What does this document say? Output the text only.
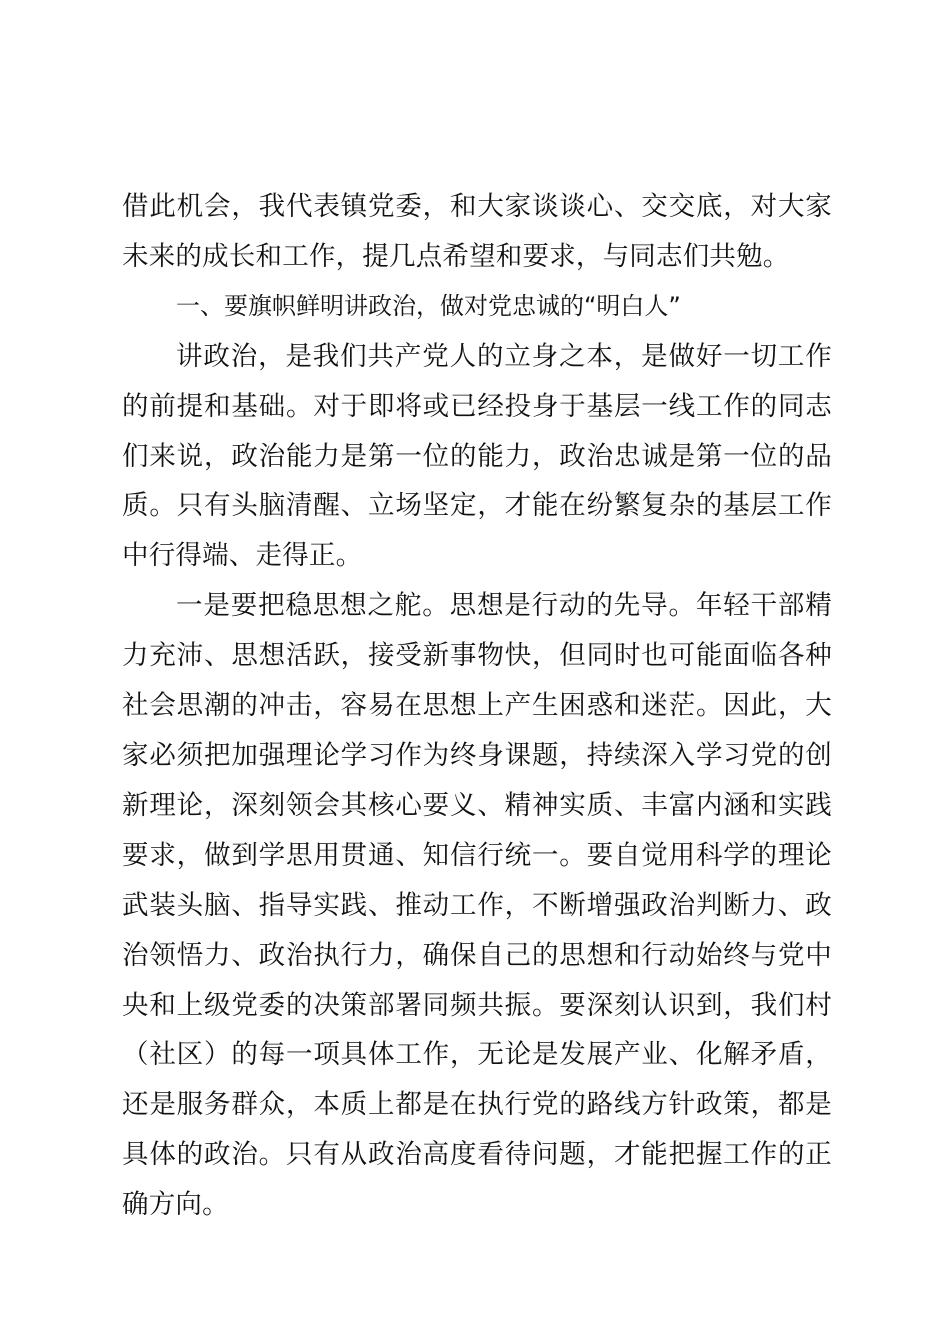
借此机会，我代表镇党委，和大家谈谈心、交交底，对大家未来的成长和工作，提几点希望和要求，与同志们共勉。

一、要旗帜鲜明讲政治，做对党忠诚的“明白人”

讲政治，是我们共产党人的立身之本，是做好一切工作的前提和基础。对于即将或已经投身于基层一线工作的同志们来说，政治能力是第一位的能力，政治忠诚是第一位的品质。只有头脑清醒、立场坚定，才能在纷繁复杂的基层工作中行得端、走得正。

一是要把稳思想之舵。思想是行动的先导。年轻干部精力充沛、思想活跃，接受新事物快，但同时也可能面临各种社会思潮的冲击，容易在思想上产生困惑和迷茫。因此，大家必须把加强理论学习作为终身课题，持续深入学习党的创新理论，深刻领会其核心要义、精神实质、丰富内涵和实践要求，做到学思用贯通、知信行统一。要自觉用科学的理论武装头脑、指导实践、推动工作，不断增强政治判断力、政治领悟力、政治执行力，确保自己的思想和行动始终与党中央和上级党委的决策部署同频共振。要深刻认识到，我们村（社区）的每一项具体工作，无论是发展产业、化解矛盾，还是服务群众，本质上都是在执行党的路线方针政策，都是具体的政治。只有从政治高度看待问题，才能把握工作的正确方向。
